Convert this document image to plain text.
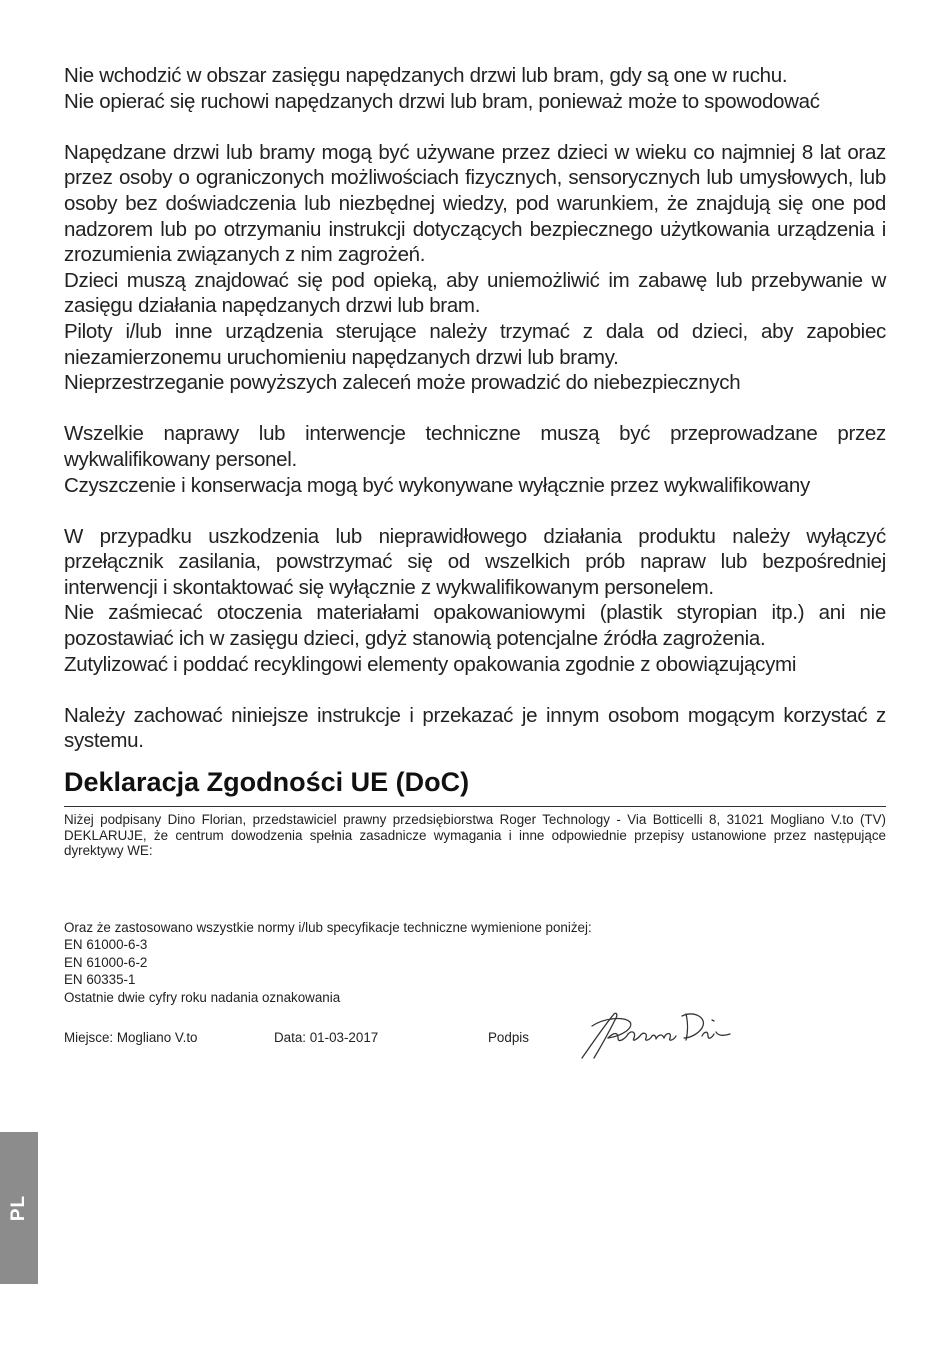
Nie wchodzić w obszar zasięgu napędzanych drzwi lub bram, gdy są one w ruchu.

Nie opierać się ruchowi napędzanych drzwi lub bram, ponieważ może to spowodować

Napędzane drzwi lub bramy mogą być używane przez dzieci w wieku co najmniej 8 lat oraz przez osoby o ograniczonych możliwościach fizycznych, sensorycznych lub umysłowych, lub osoby bez doświadczenia lub niezbędnej wiedzy, pod warunkiem, że znajdują się one pod nadzorem lub po otrzymaniu instrukcji dotyczących bezpiecznego użytkowania urządzenia i zrozumienia związanych z nim zagrożeń.

Dzieci muszą znajdować się pod opieką, aby uniemożliwić im zabawę lub przebywanie w zasięgu działania napędzanych drzwi lub bram.

Piloty i/lub inne urządzenia sterujące należy trzymać z dala od dzieci, aby zapobiec niezamierzonemu uruchomieniu napędzanych drzwi lub bramy.

Nieprzestrzeganie powyższych zaleceń może prowadzić do niebezpiecznych

Wszelkie naprawy lub interwencje techniczne muszą być przeprowadzane przez wykwalifikowany personel.

Czyszczenie i konserwacja mogą być wykonywane wyłącznie przez wykwalifikowany

W przypadku uszkodzenia lub nieprawidłowego działania produktu należy wyłączyć przełącznik zasilania, powstrzymać się od wszelkich prób napraw lub bezpośredniej interwencji i skontaktować się wyłącznie z wykwalifikowanym personelem.

Nie zaśmiecać otoczenia materiałami opakowaniowymi (plastik styropian itp.) ani nie pozostawiać ich w zasięgu dzieci, gdyż stanowią potencjalne źródła zagrożenia.

Zutylizować i poddać recyklingowi elementy opakowania zgodnie z obowiązującymi

Należy zachować niniejsze instrukcje i przekazać je innym osobom mogącym korzystać z systemu.

Deklaracja Zgodności UE (DoC)

Niżej podpisany Dino Florian, przedstawiciel prawny przedsiębiorstwa Roger Technology - Via Botticelli 8, 31021 Mogliano V.to (TV) DEKLARUJE, że centrum dowodzenia spełnia zasadnicze wymagania i inne odpowiednie przepisy ustanowione przez następujące dyrektywy WE:

Oraz że zastosowano wszystkie normy i/lub specyfikacje techniczne wymienione poniżej:
EN 61000-6-3
EN 61000-6-2
EN 60335-1
Ostatnie dwie cyfry roku nadania oznakowania
Miejsce: Mogliano V.to	Data: 01-03-2017	Podpis
PL
